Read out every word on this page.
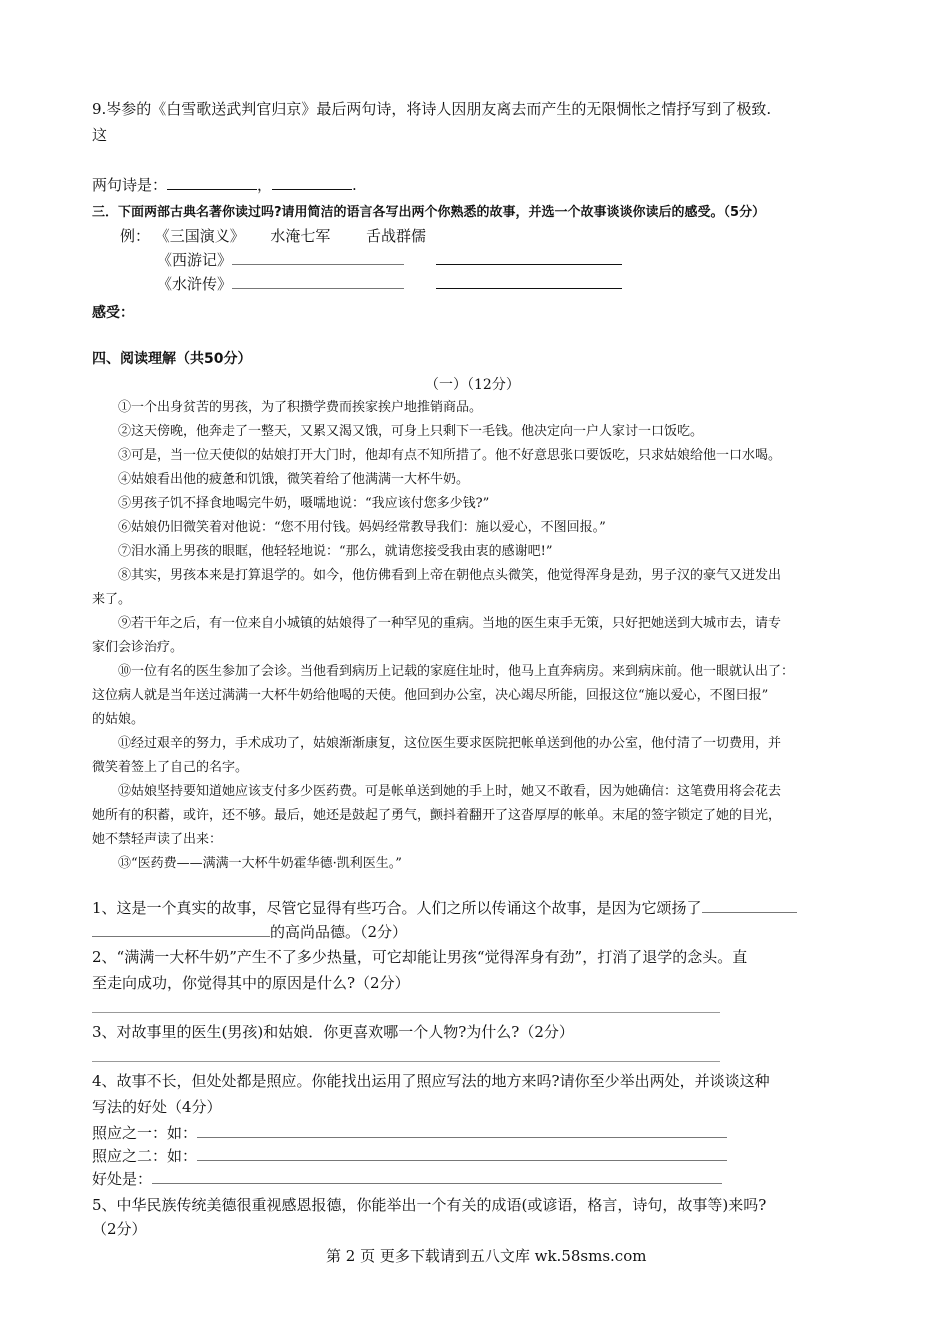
9.岑参的《白雪歌送武判官归京》最后两句诗，将诗人因朋友离去而产生的无限惆怅之情抒写到了极致.
这
两句诗是：	，	.
三．下面两部古典名著你读过吗?请用简洁的语言各写出两个你熟悉的故事，并选一个故事谈谈你读后的感受。（5分）
例： 《三国演义》 水淹七军 舌战群儒
《西游记》
《水浒传》
感受：
四、阅读理解（共50分）
（一）（12分）
①一个出身贫苦的男孩，为了积攒学费而挨家挨户地推销商品。
②这天傍晚，他奔走了一整天，又累又渴又饿，可身上只剩下一毛钱。他决定向一户人家讨一口饭吃。
③可是，当一位天使似的姑娘打开大门时，他却有点不知所措了。他不好意思张口要饭吃，只求姑娘给他一口水喝。
④姑娘看出他的疲惫和饥饿，微笑着给了他满满一大杯牛奶。
⑤男孩子饥不择食地喝完牛奶，嗫嚅地说：“我应该付您多少钱?”
⑥姑娘仍旧微笑着对他说：“您不用付钱。妈妈经常教导我们：施以爱心，不图回报。”
⑦泪水涌上男孩的眼眶，他轻轻地说：“那么，就请您接受我由衷的感谢吧!”
⑧其实，男孩本来是打算退学的。如今，他仿佛看到上帝在朝他点头微笑，他觉得浑身是劲，男子汉的豪气又迸发出
来了。
⑨若干年之后，有一位来自小城镇的姑娘得了一种罕见的重病。当地的医生束手无策，只好把她送到大城市去，请专
家们会诊治疗。
⑩一位有名的医生参加了会诊。当他看到病历上记载的家庭住址时，他马上直奔病房。来到病床前。他一眼就认出了：
这位病人就是当年送过满满一大杯牛奶给他喝的天使。他回到办公室，决心竭尽所能，回报这位“施以爱心，不图曰报”
的姑娘。
⑪经过艰辛的努力，手术成功了，姑娘渐渐康复，这位医生要求医院把帐单送到他的办公室，他付清了一切费用，并
微笑着签上了自己的名字。
⑫姑娘坚持要知道她应该支付多少医药费。可是帐单送到她的手上时，她又不敢看，因为她确信：这笔费用将会花去
她所有的积蓄，或许，还不够。最后，她还是鼓起了勇气，颤抖着翻开了这沓厚厚的帐单。末尾的签字锁定了她的目光，
她不禁轻声读了出来：
⑬“医药费——满满一大杯牛奶霍华德·凯利医生。”
1、这是一个真实的故事，尽管它显得有些巧合。人们之所以传诵这个故事，是因为它颂扬了
的高尚品德。（2分）
2、“满满一大杯牛奶”产生不了多少热量，可它却能让男孩“觉得浑身有劲”，打消了退学的念头。直
至走向成功，你觉得其中的原因是什么?（2分）
3、对故事里的医生(男孩)和姑娘．你更喜欢哪一个人物?为什么?（2分）
4、故事不长，但处处都是照应。你能找出运用了照应写法的地方来吗?请你至少举出两处，并谈谈这种
写法的好处（4分）
照应之一：如：
照应之二：如：
好处是：
5、中华民族传统美德很重视感恩报德，你能举出一个有关的成语(或谚语，格言，诗句，故事等)来吗?
（2分）
第 2 页 更多下载请到五八文库 wk.58sms.com
